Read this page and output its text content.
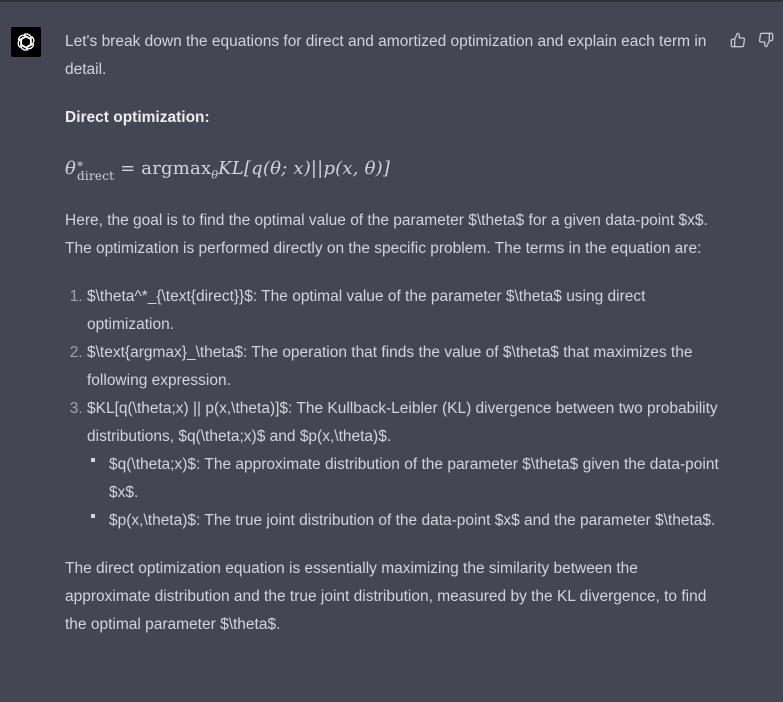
Let's break down the equations for direct and amortized optimization and explain each term in detail.

Direct optimization:

θ *
direct = argmax$_\theta$KL[q(θ; x)||p(x, θ)]

Here, the goal is to find the optimal value of the parameter $\theta$ for a given data-point $x$. The optimization is performed directly on the specific problem. The terms in the equation are:

1. $\theta^*_{\text{direct}}$: The optimal value of the parameter $\theta$ using direct optimization.
2. $\text{argmax}_\theta$: The operation that finds the value of $\theta$ that maximizes the following expression.
3. $KL[q(\theta;x) || p(x,\theta)]$: The Kullback-Leibler (KL) divergence between two probability distributions, $q(\theta;x)$ and $p(x,\theta)$.
$q(\theta;x)$: The approximate distribution of the parameter $\theta$ given the data-point $x$.
$p(x,\theta)$: The true joint distribution of the data-point $x$ and the parameter $\theta$.

The direct optimization equation is essentially maximizing the similarity between the approximate distribution and the true joint distribution, measured by the KL divergence, to find the optimal parameter $\theta$.
